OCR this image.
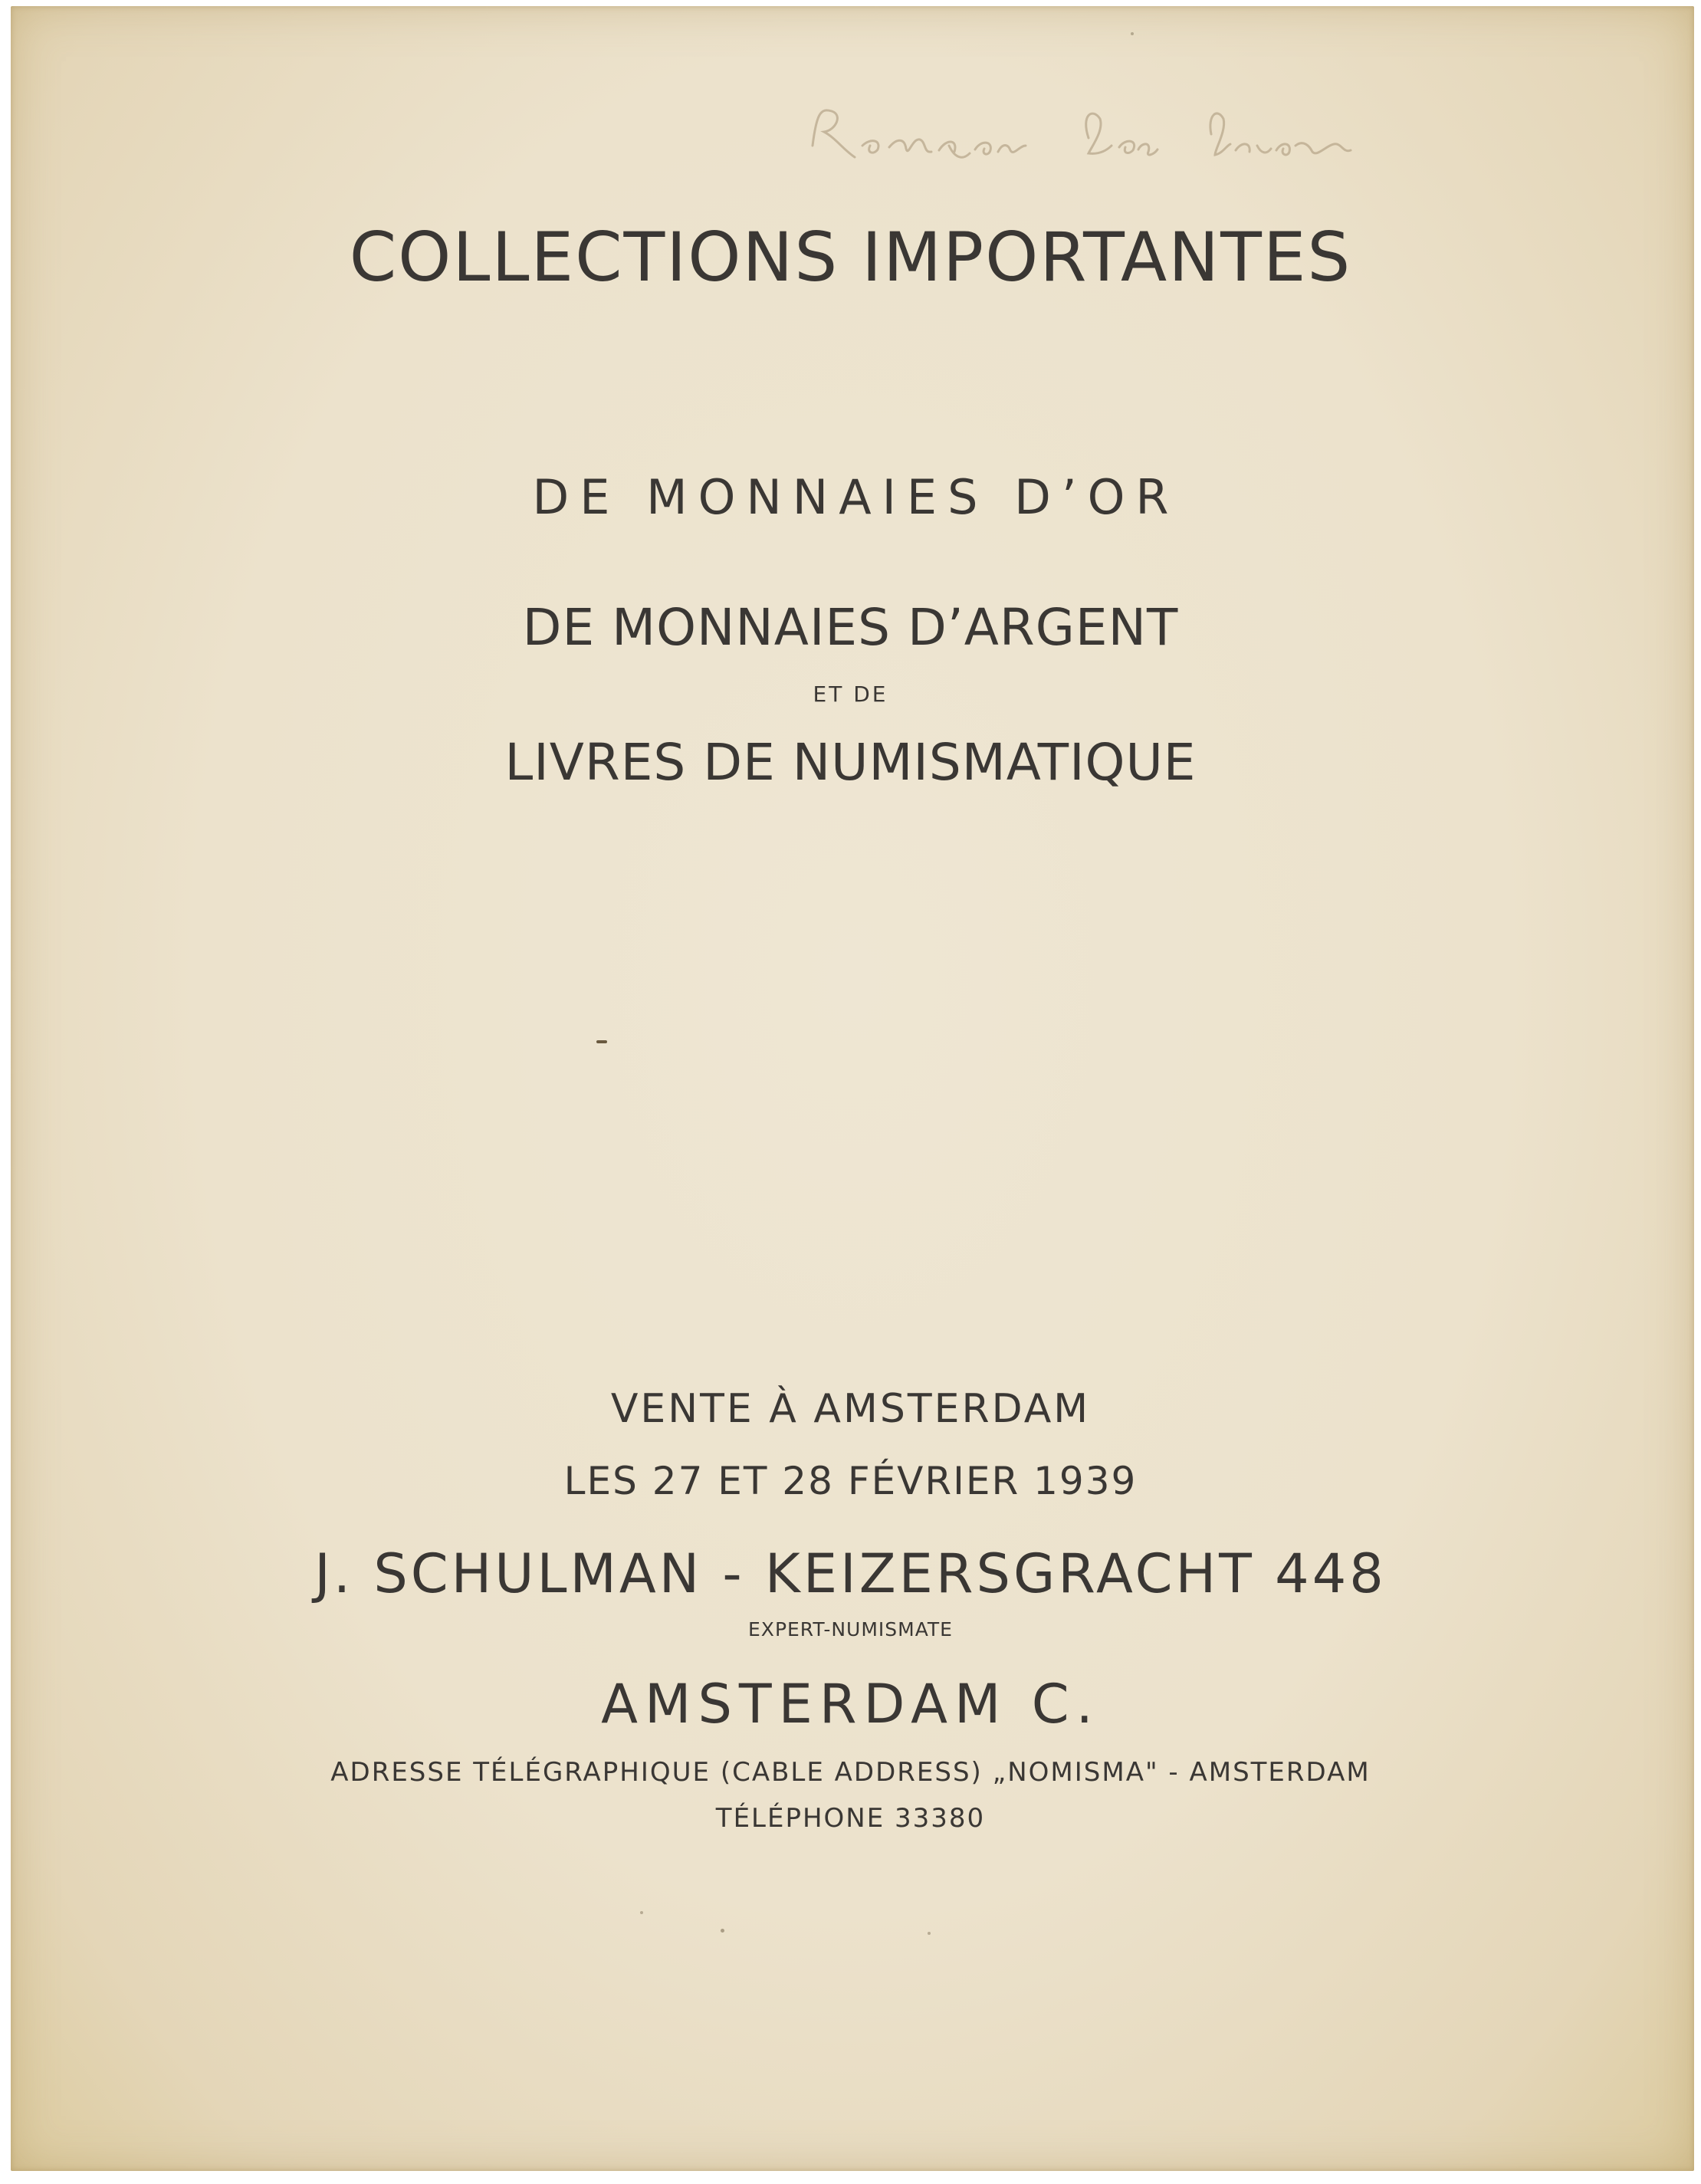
COLLECTIONS IMPORTANTES
DE MONNAIES D’OR
DE MONNAIES D’ARGENT
ET DE
LIVRES DE NUMISMATIQUE
VENTE À AMSTERDAM
LES 27 ET 28 FÉVRIER 1939
J. SCHULMAN - KEIZERSGRACHT 448
EXPERT-NUMISMATE
AMSTERDAM C.
ADRESSE TÉLÉGRAPHIQUE (CABLE ADDRESS) „NOMISMA" - AMSTERDAM
TÉLÉPHONE 33380
